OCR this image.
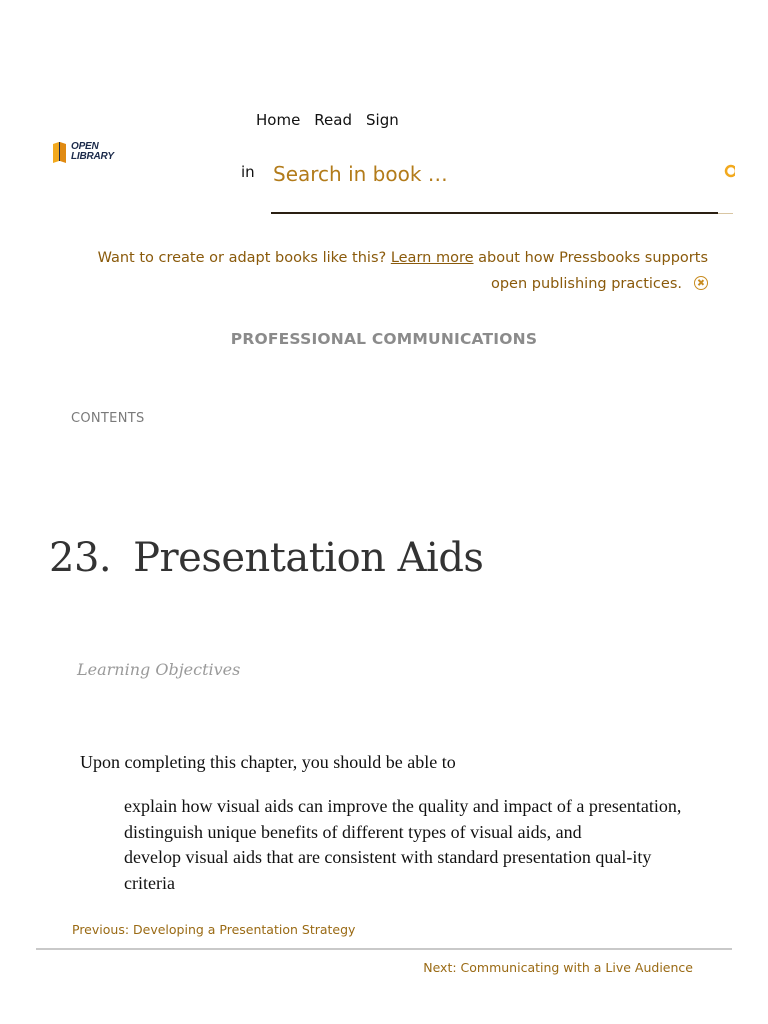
OPEN
LIBRARY
Home Read Sign
in
Search in book …
Want to create or adapt books like this? Learn more about how Pressbooks supports open publishing practices.
PROFESSIONAL COMMUNICATIONS
CONTENTS
23. Presentation Aids
Learning Objectives
Upon completing this chapter, you should be able to
explain how visual aids can improve the quality and impact of a presentation,
distinguish unique benefits of different types of visual aids, and
develop visual aids that are consistent with standard presentation qual-ity criteria
Previous: Developing a Presentation Strategy
Next: Communicating with a Live Audience
